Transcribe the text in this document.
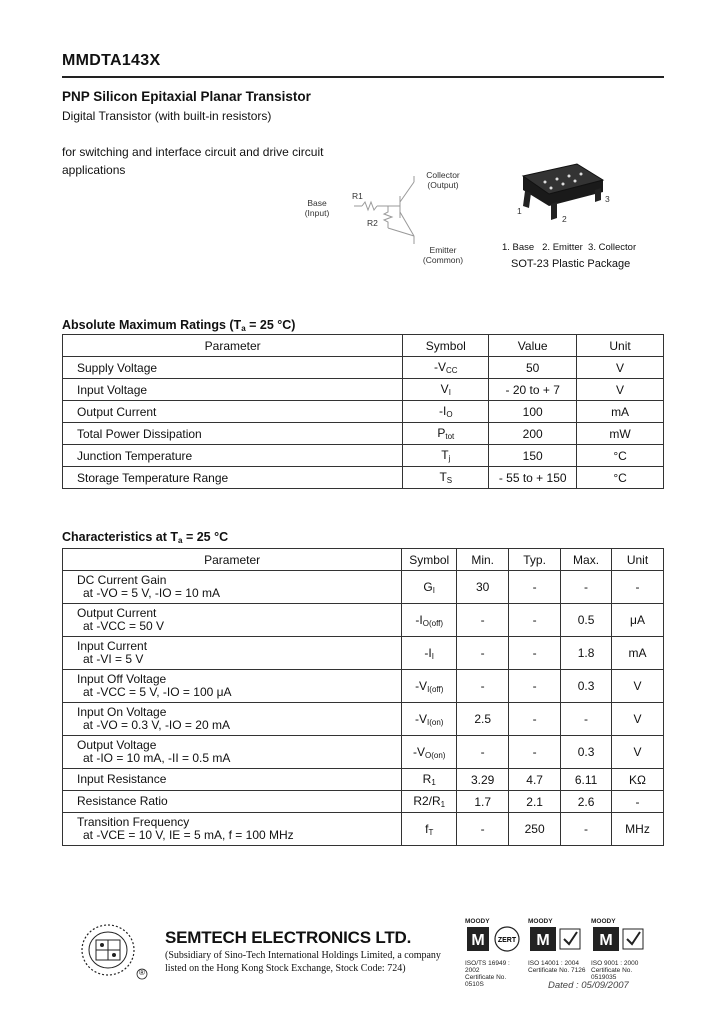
MMDTA143X
PNP Silicon Epitaxial Planar Transistor
Digital Transistor (with built-in resistors)
for switching and interface circuit and drive circuit
applications
Base
(Input)
R1
R2
Collector
(Output)
Emitter
(Common)
1
2
3
1. Base   2. Emitter  3. Collector
SOT-23 Plastic Package
Absolute Maximum Ratings ($T_a = 25$ °C)
Parameter	Symbol	Value	Unit
Supply Voltage	$-V_{CC}$	50	V
Input Voltage	$V_I$	- 20 to + 7	V
Output Current	$-I_O$	100	mA
Total Power Dissipation	$P_{tot}$	200	mW
Junction Temperature	$T_j$	150	°C
Storage Temperature Range	$T_S$	- 55 to + 150	°C
Characteristics at $T_a = 25$ °C
Parameter	Symbol	Min.	Typ.	Max.	Unit

DC Current Gain
at -VO = 5 V, -IO = 10 mA	$G_I$	30	-	-	-

Output Current
at -VCC = 50 V	$-I_{O(off)}$	-	-	0.5	μA

Input Current
at -VI = 5 V	$-I_I$	-	-	1.8	mA

Input Off Voltage
at -VCC = 5 V, -IO = 100 μA	$-V_{I(off)}$	-	-	0.3	V

Input On Voltage
at -VO = 0.3 V, -IO = 20 mA	$-V_{I(on)}$	2.5	-	-	V

Output Voltage
at -IO = 10 mA, -II = 0.5 mA	$-V_{O(on)}$	-	-	0.3	V

Input Resistance	$R_1$	3.29	4.7	6.11	KΩ

Resistance Ratio	$R2/R_1$	1.7	2.1	2.6	-

Transition Frequency
at -VCE = 10 V, IE = 5 mA, f = 100 MHz	$f_T$	-	250	-	MHz
®
SEMTECH ELECTRONICS LTD.
(Subsidiary of Sino-Tech International Holdings Limited, a company
listed on the Hong Kong Stock Exchange, Stock Code: 724)
MOODY
M ZERT
ISO/TS 16949 : 2002
Certificate No. 0510S
MOODY
M
ISO 14001 : 2004
Certificate No. 7126
MOODY
M
ISO 9001 : 2000
Certificate No. 0519035
Dated : 05/09/2007
